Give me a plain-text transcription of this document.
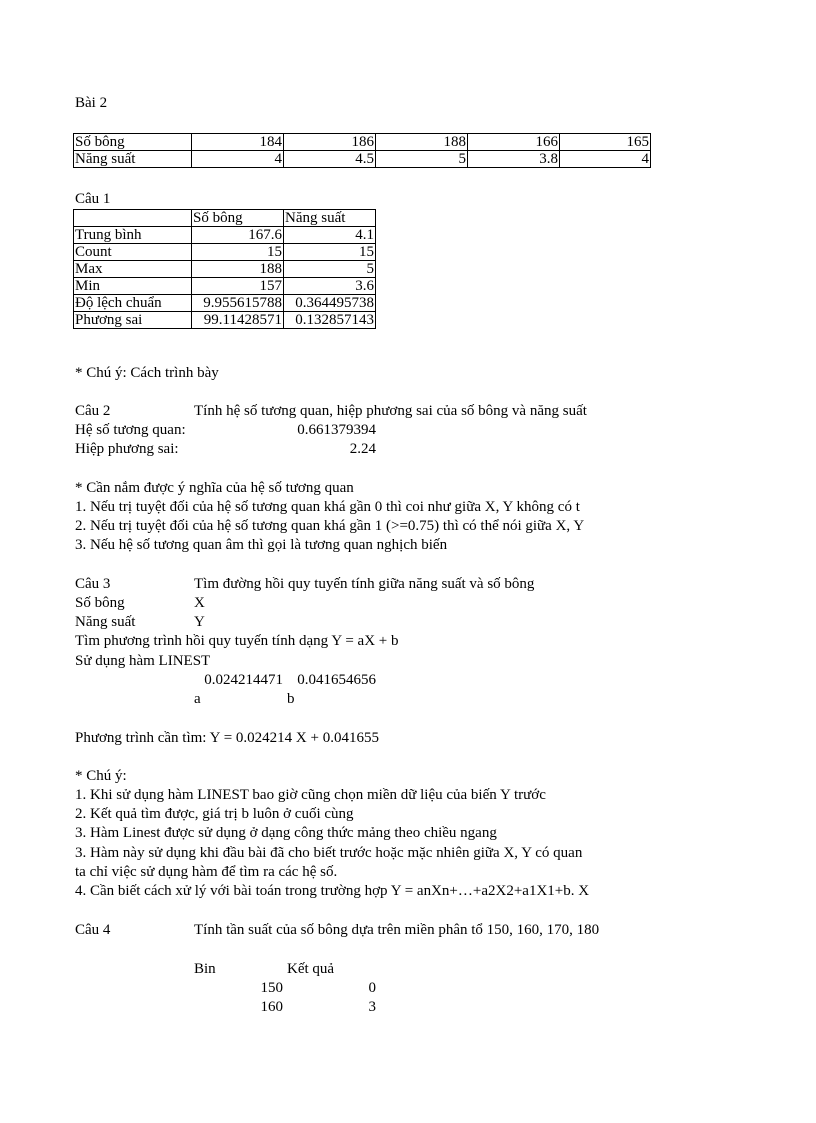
Bài 2
Số bông	184	186	188	166	165
Năng suất	4	4.5	5	3.8	4
Câu 1
	Số bông	Năng suất
Trung bình	167.6	4.1
Count	15	15
Max	188	5
Min	157	3.6
Độ lệch chuẩn	9.955615788	0.364495738
Phương sai	99.11428571	0.132857143
* Chú ý: Cách trình bày
Câu 2	Tính hệ số tương quan, hiệp phương sai của số bông và năng suất
Hệ số tương quan:	0.661379394
Hiệp phương sai:	2.24
* Cần nắm được ý nghĩa của hệ số tương quan
1. Nếu trị tuyệt đối của hệ số tương quan khá gần 0 thì coi như giữa X, Y không có t
2. Nếu trị tuyệt đối của hệ số tương quan khá gần 1 (>=0.75) thì có thể nói giữa X, Y
3. Nếu hệ số tương quan âm thì gọi là tương quan nghịch biến
Câu 3	Tìm đường hồi quy tuyến tính giữa năng suất và số bông
Số bông	X
Năng suất	Y
Tìm phương trình hồi quy tuyến tính dạng Y = aX + b
Sử dụng hàm LINEST
0.024214471 0.041654656
a	b
Phương trình cần tìm: Y = 0.024214 X + 0.041655
* Chú ý:
1. Khi sử dụng hàm LINEST bao giờ cũng chọn miền dữ liệu của biến Y trước
2. Kết quả tìm được, giá trị b luôn ở cuối cùng
3. Hàm Linest được sử dụng ở dạng công thức mảng theo chiều ngang
3. Hàm này sử dụng khi đầu bài đã cho biết trước hoặc mặc nhiên giữa X, Y có quan
ta chỉ việc sử dụng hàm để tìm ra các hệ số.
4. Cần biết cách xử lý với bài toán trong trường hợp Y = anXn+…+a2X2+a1X1+b. X
Câu 4	Tính tần suất của số bông dựa trên miền phân tổ 150, 160, 170, 180
Bin	Kết quả
150	0
160	3
